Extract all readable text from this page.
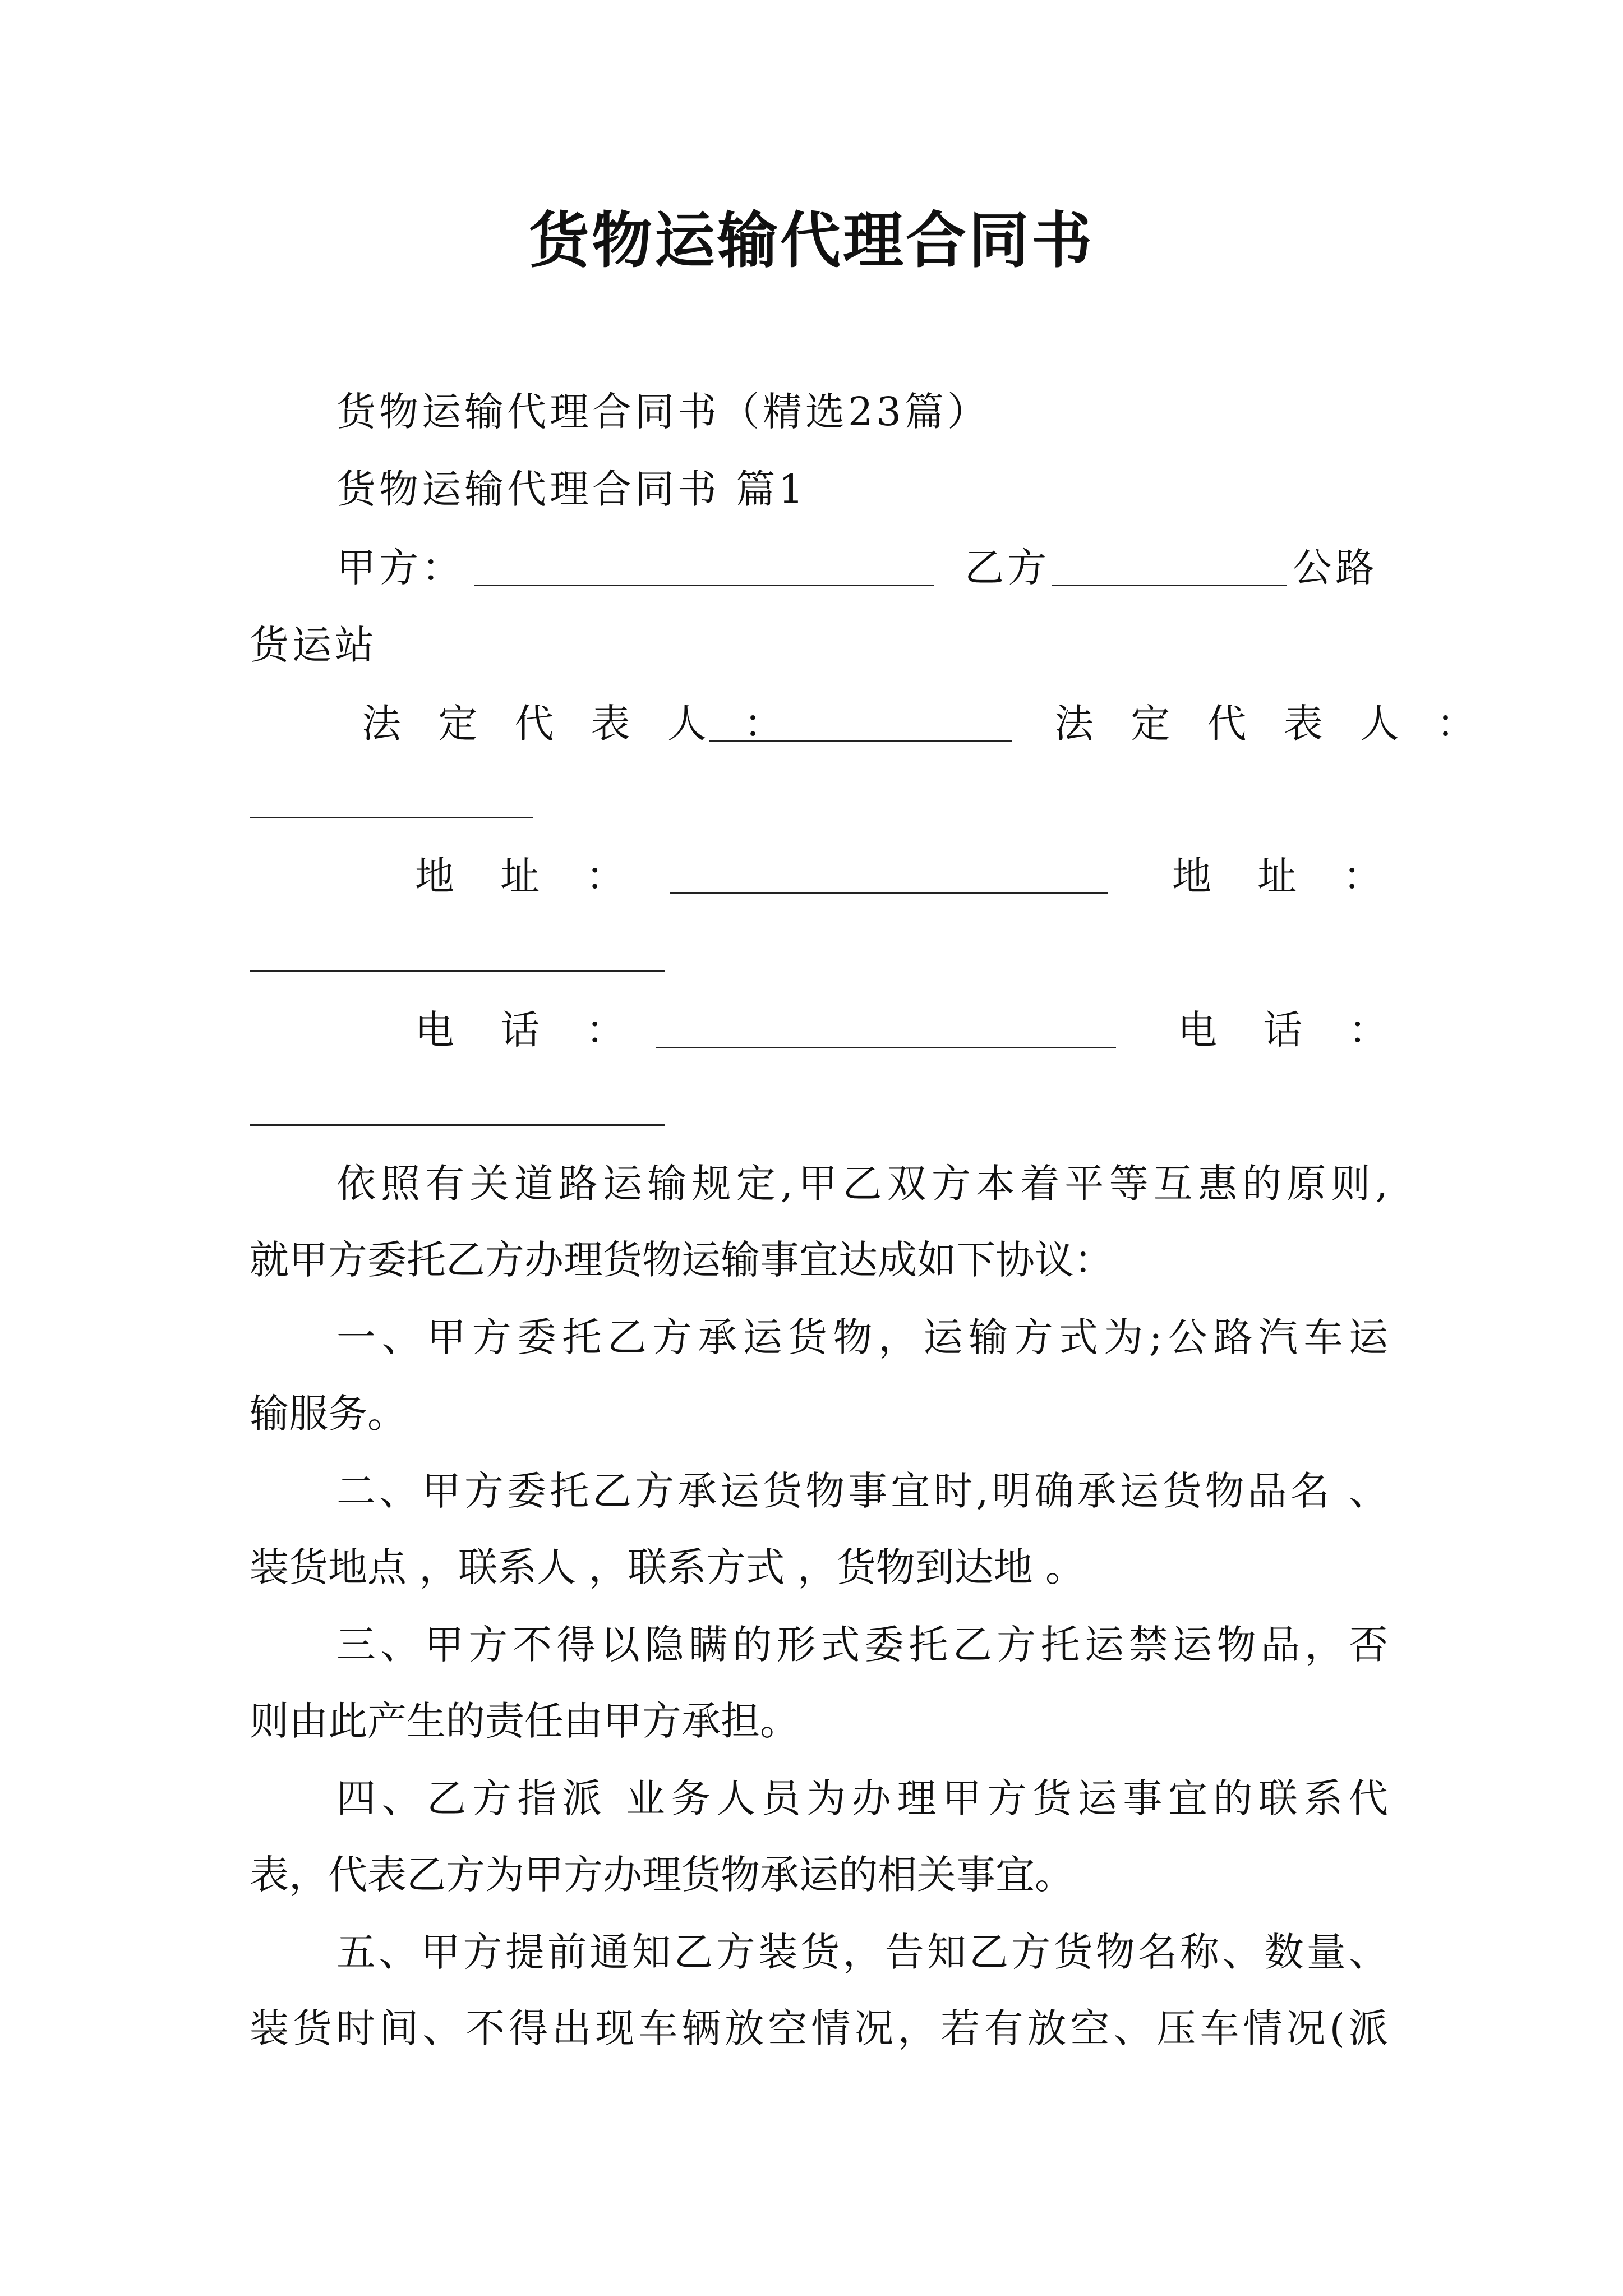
货物运输代理合同书
货物运输代理合同书（精选23篇）
货物运输代理合同书 篇1
甲方：	乙方	公路
货运站
法 定 代 表 人 ：	法 定 代 表 人 ：
地 址 ：	地 址 ：
电 话 ：	电 话 ：
依照有关道路运输规定,甲乙双方本着平等互惠的原则,
就甲方委托乙方办理货物运输事宜达成如下协议：
一、甲方委托乙方承运货物，运输方式为;公路汽车运
输服务。
二、甲方委托乙方承运货物事宜时,明确承运货物品名 、
装货地点 ，联系人 ，联系方式 ，货物到达地 。
三、甲方不得以隐瞒的形式委托乙方托运禁运物品，否
则由此产生的责任由甲方承担。
四、乙方指派 业务人员为办理甲方货运事宜的联系代
表，代表乙方为甲方办理货物承运的相关事宜。
五、甲方提前通知乙方装货，告知乙方货物名称、数量、
装货时间、不得出现车辆放空情况，若有放空、压车情况(派
